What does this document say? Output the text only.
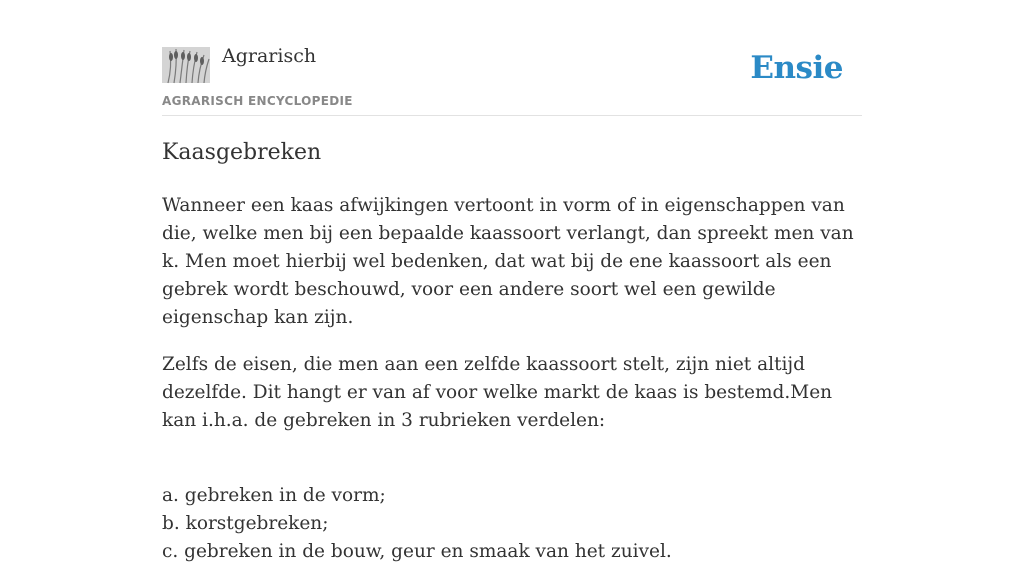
Agrarisch
AGRARISCH ENCYCLOPEDIE
Ensie
Kaasgebreken

Wanneer een kaas afwijkingen vertoont in vorm of in eigenschappen van die, welke men bij een bepaalde kaassoort verlangt, dan spreekt men van k. Men moet hierbij wel bedenken, dat wat bij de ene kaassoort als een gebrek wordt beschouwd, voor een andere soort wel een gewilde eigenschap kan zijn.

Zelfs de eisen, die men aan een zelfde kaassoort stelt, zijn niet altijd dezelfde. Dit hangt er van af voor welke markt de kaas is bestemd.Men kan i.h.a. de gebreken in 3 rubrieken verdelen:

a. gebreken in de vorm;
b. korstgebreken;
c. gebreken in de bouw, geur en smaak van het zuivel.
